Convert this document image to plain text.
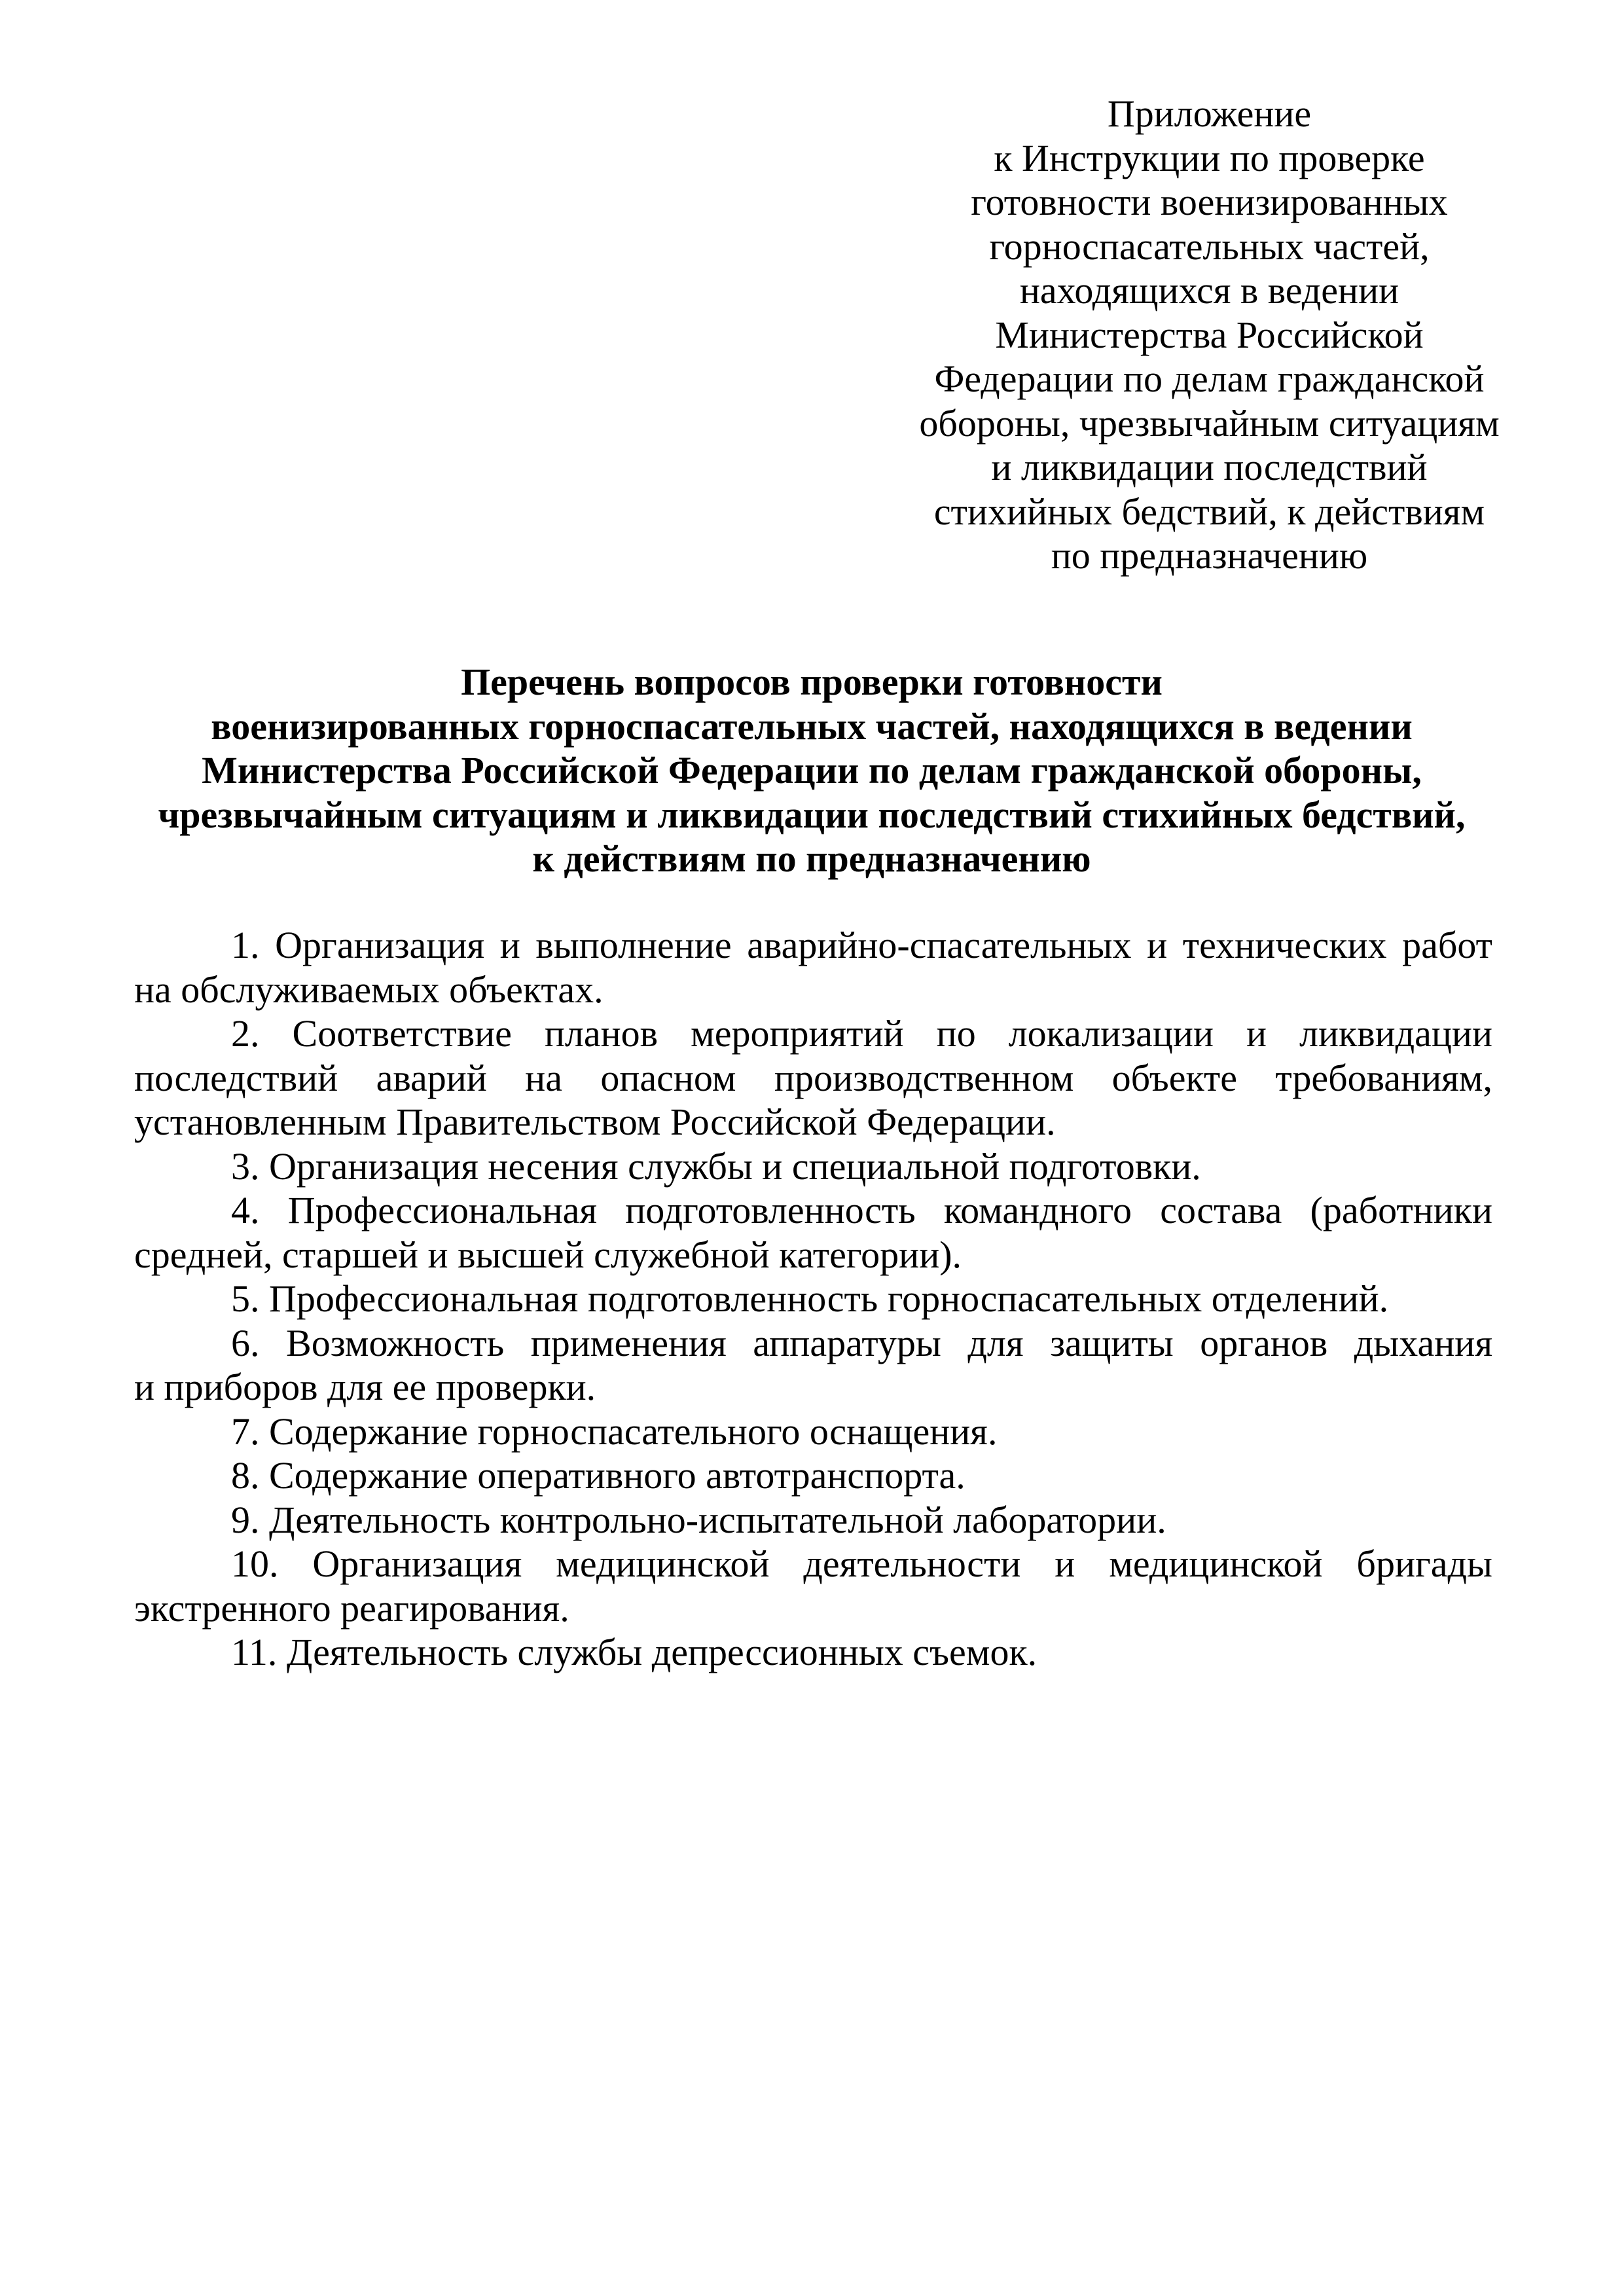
Приложение
к Инструкции по проверке
готовности военизированных
горноспасательных частей,
находящихся в ведении
Министерства Российской
Федерации по делам гражданской
обороны, чрезвычайным ситуациям
и ликвидации последствий
стихийных бедствий, к действиям
по предназначению
Перечень вопросов проверки готовности
военизированных горноспасательных частей, находящихся в ведении
Министерства Российской Федерации по делам гражданской обороны,
чрезвычайным ситуациям и ликвидации последствий стихийных бедствий,
к действиям по предназначению
1. Организация и выполнение аварийно-спасательных и технических работ
на обслуживаемых объектах.
2. Соответствие планов мероприятий по локализации и ликвидации
последствий аварий на опасном производственном объекте требованиям,
установленным Правительством Российской Федерации.
3. Организация несения службы и специальной подготовки.
4. Профессиональная подготовленность командного состава (работники
средней, старшей и высшей служебной категории).
5. Профессиональная подготовленность горноспасательных отделений.
6. Возможность применения аппаратуры для защиты органов дыхания
и приборов для ее проверки.
7. Содержание горноспасательного оснащения.
8. Содержание оперативного автотранспорта.
9. Деятельность контрольно-испытательной лаборатории.
10. Организация медицинской деятельности и медицинской бригады
экстренного реагирования.
11. Деятельность службы депрессионных съемок.
